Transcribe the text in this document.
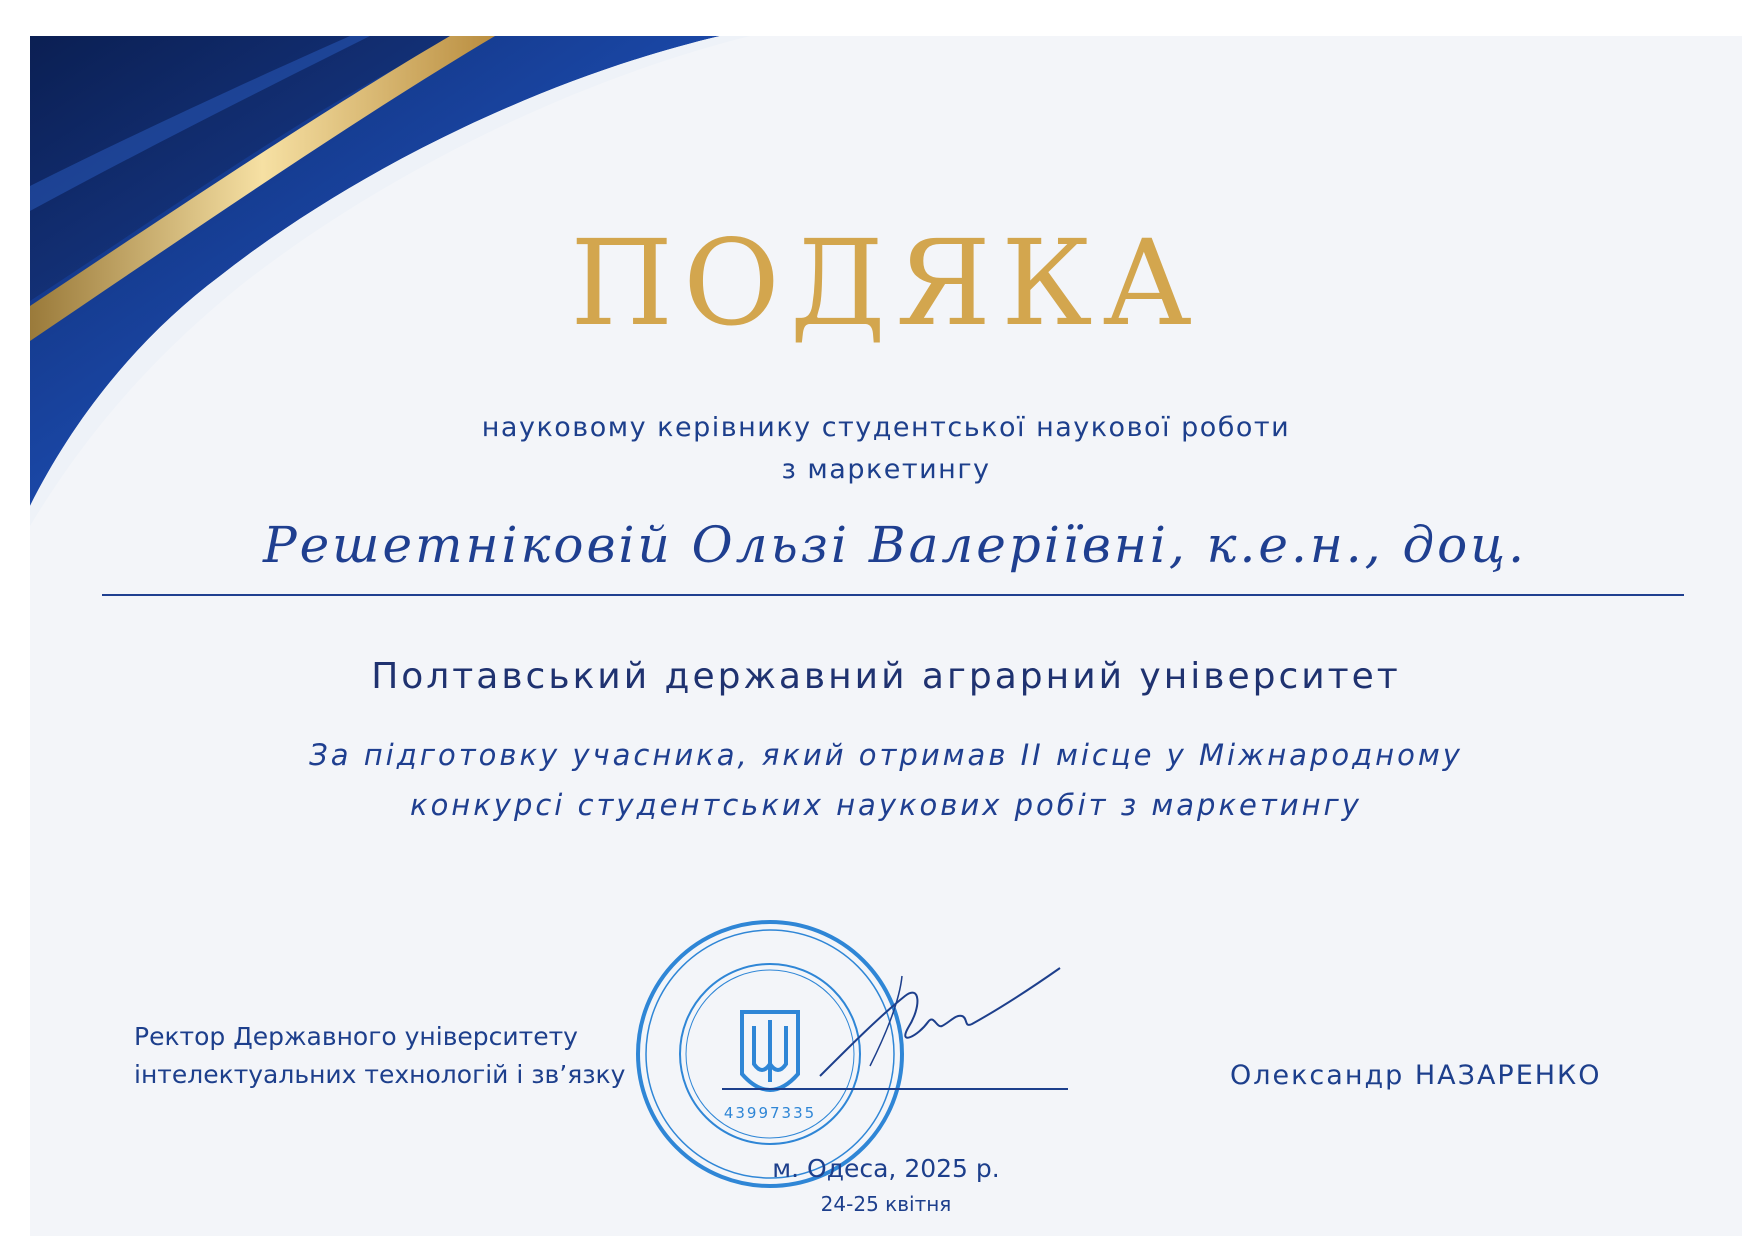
ПОДЯКА
науковому керівнику студентської наукової роботи
з маркетингу
Решетніковій Ользі Валеріївні, к.е.н., доц.
Полтавський державний аграрний університет
За підготовку учасника, який отримав ІІ місце у Міжнародному
конкурсі студентських наукових робіт з маркетингу
Ректор Державного університету
інтелектуальних технологій і зв’язку
43997335
Олександр НАЗАРЕНКО
м. Одеса, 2025 р.
24-25 квітня
